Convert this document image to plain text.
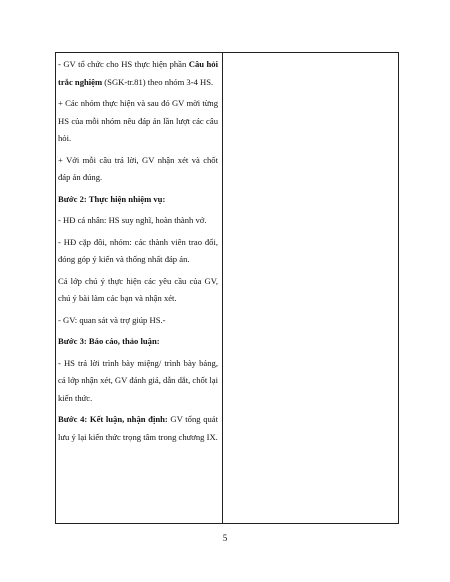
- GV tổ chức cho HS thực hiện phần Câu hỏi trắc nghiệm (SGK-tr.81) theo nhóm 3-4 HS.

+ Các nhóm thực hiện và sau đó GV mời từng HS của mỗi nhóm nêu đáp án lần lượt các câu hỏi.

+ Với mỗi câu trả lời, GV nhận xét và chốt đáp án đúng.

Bước 2: Thực hiện nhiệm vụ:

- HĐ cá nhân: HS suy nghĩ, hoàn thành vở.

- HĐ cặp đôi, nhóm: các thành viên trao đổi, đóng góp ý kiến và thống nhất đáp án.

Cả lớp chú ý thực hiện các yêu cầu của GV, chú ý bài làm các bạn và nhận xét.

- GV: quan sát và trợ giúp HS.-

Bước 3: Báo cáo, thảo luận:

- HS trả lời trình bày miệng/ trình bày bảng, cả lớp nhận xét, GV đánh giá, dẫn dắt, chốt lại kiến thức.

Bước 4: Kết luận, nhận định: GV tổng quát lưu ý lại kiến thức trọng tâm trong chương IX.

5
